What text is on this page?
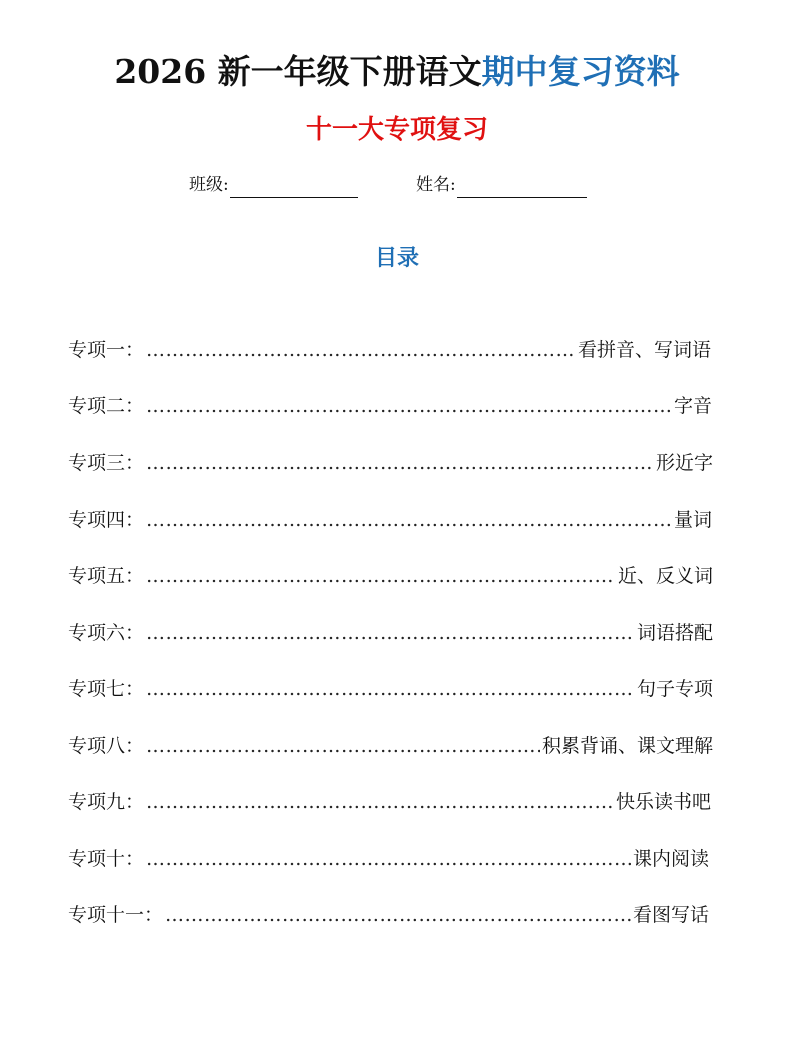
2026 新一年级下册语文期中复习资料
十一大专项复习
班级:	姓名:
目录
专项一： …………………………………………………………………………………………………………………………………………………………	看拼音、写词语
专项二： …………………………………………………………………………………………………………………………………………………………	字音
专项三： …………………………………………………………………………………………………………………………………………………………	形近字
专项四： …………………………………………………………………………………………………………………………………………………………	量词
专项五： …………………………………………………………………………………………………………………………………………………………	近、反义词
专项六： …………………………………………………………………………………………………………………………………………………………	词语搭配
专项七： …………………………………………………………………………………………………………………………………………………………	句子专项
专项八： …………………………………………………………………………………………………………………………………………………………	积累背诵、课文理解
专项九： …………………………………………………………………………………………………………………………………………………………	快乐读书吧
专项十： …………………………………………………………………………………………………………………………………………………………	课内阅读
专项十一： …………………………………………………………………………………………………………………………………………………………	看图写话
